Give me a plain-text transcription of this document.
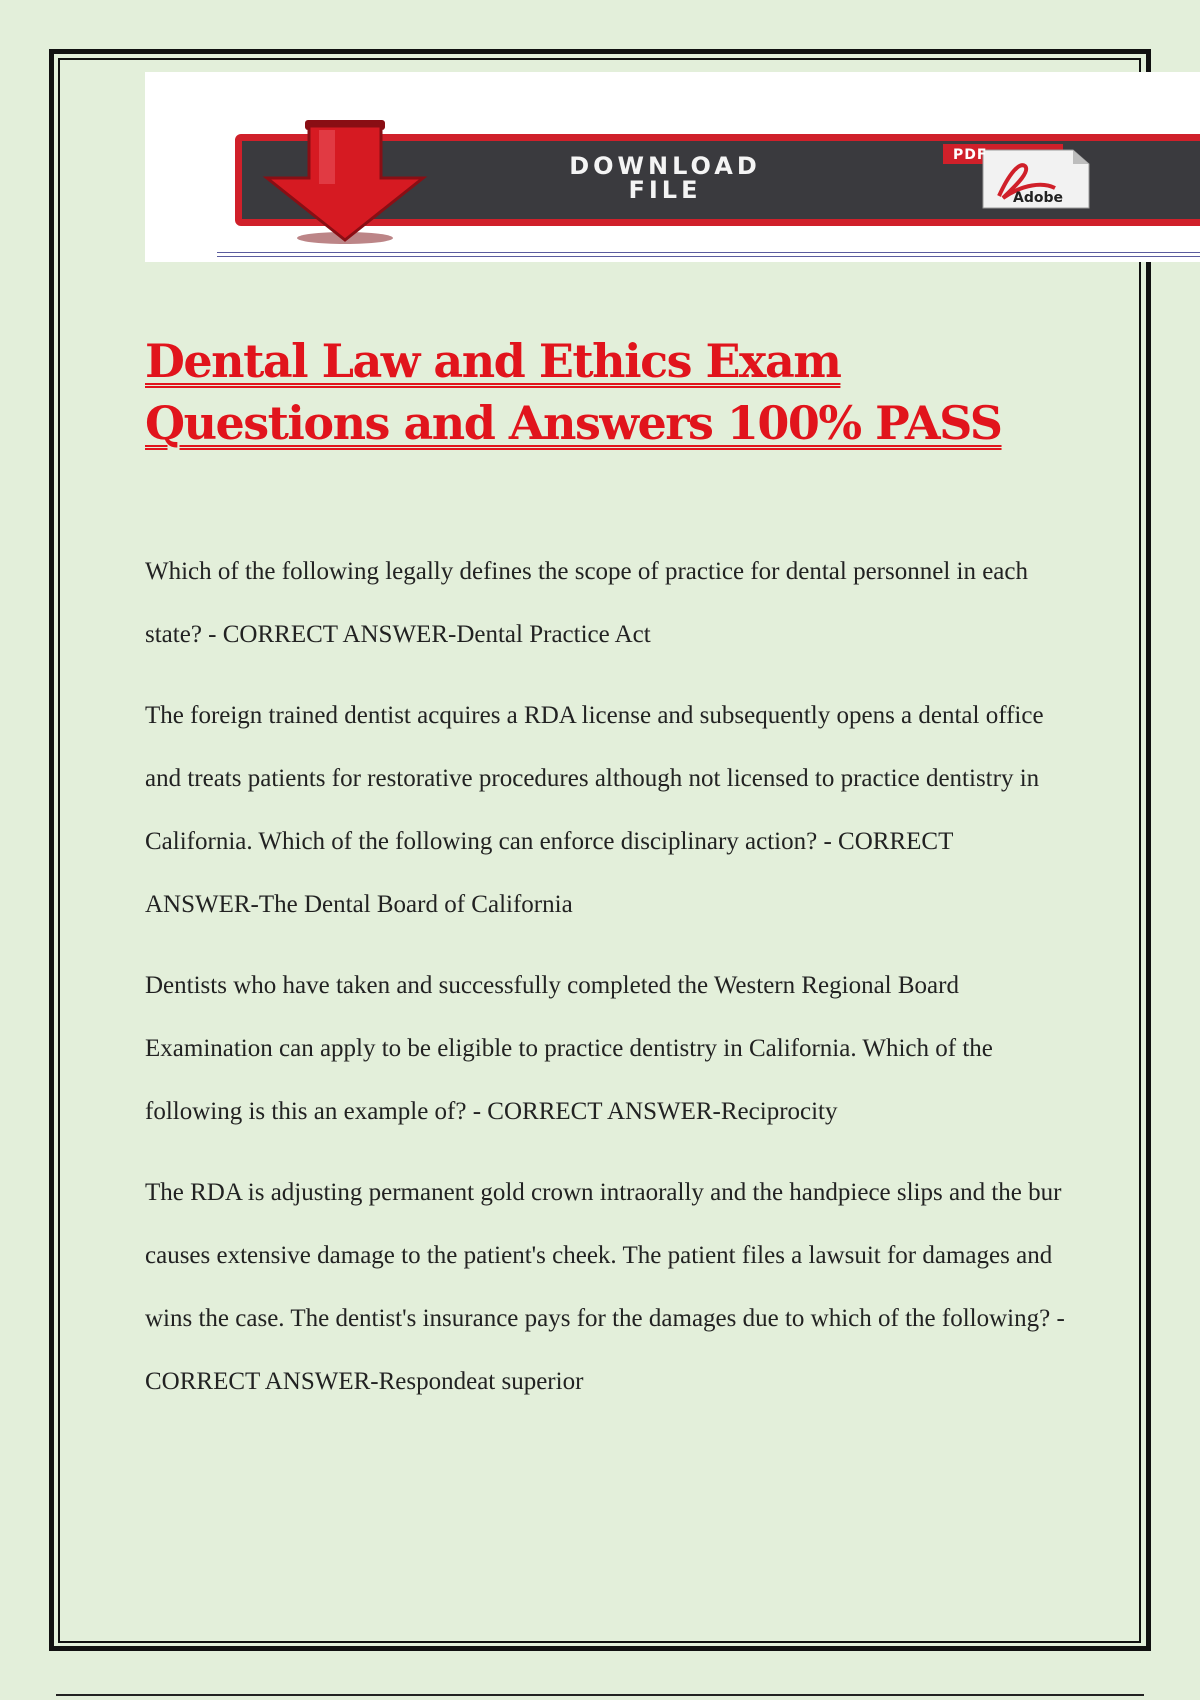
DOWNLOAD
FILE
PDF
Adobe
Dental Law and Ethics Exam
Questions and Answers 100% PASS

Which of the following legally defines the scope of practice for dental personnel in each state? - CORRECT ANSWER-Dental Practice Act

The foreign trained dentist acquires a RDA license and subsequently opens a dental office and treats patients for restorative procedures although not licensed to practice dentistry in California. Which of the following can enforce disciplinary action? - CORRECT ANSWER-The Dental Board of California

Dentists who have taken and successfully completed the Western Regional Board Examination can apply to be eligible to practice dentistry in California. Which of the following is this an example of? - CORRECT ANSWER-Reciprocity

The RDA is adjusting permanent gold crown intraorally and the handpiece slips and the bur causes extensive damage to the patient's cheek. The patient files a lawsuit for damages and wins the case. The dentist's insurance pays for the damages due to which of the following? - CORRECT ANSWER-Respondeat superior
